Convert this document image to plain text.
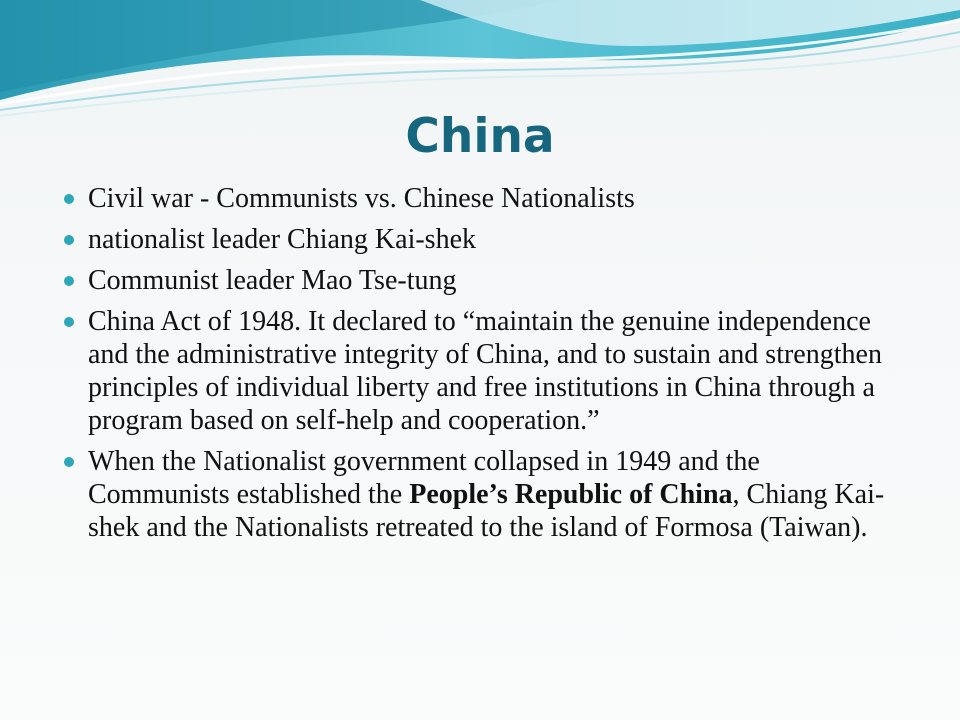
China
Civil war - Communists vs. Chinese Nationalists
nationalist leader Chiang Kai-shek
Communist leader Mao Tse-tung
China Act of 1948. It declared to “maintain the genuine independence and the administrative integrity of China, and to sustain and strengthen principles of individual liberty and free institutions in China through a program based on self-help and cooperation.”
When the Nationalist government collapsed in 1949 and the Communists established the People’s Republic of China, Chiang Kai-shek and the Nationalists retreated to the island of Formosa (Taiwan).
